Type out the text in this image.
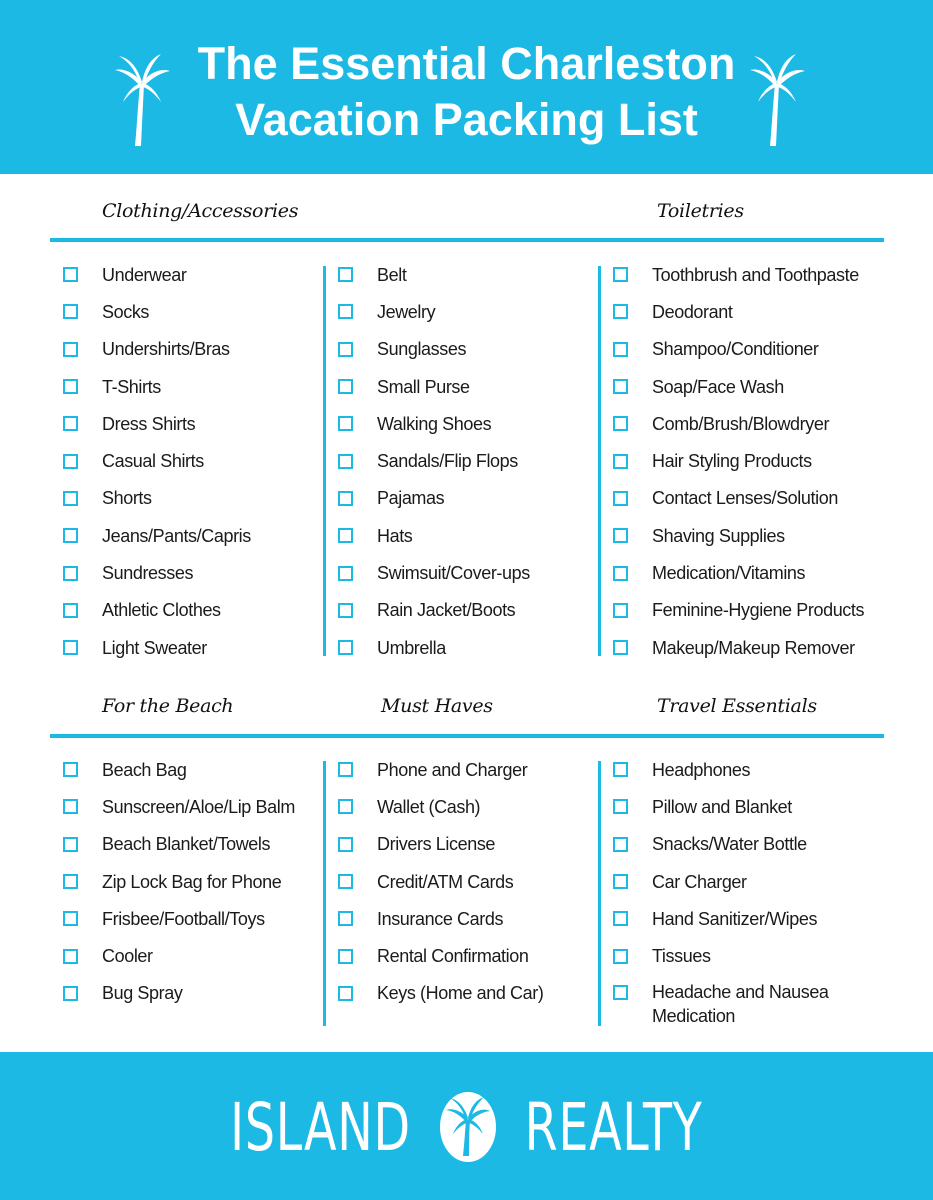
The Essential Charleston
Vacation Packing List
Clothing/Accessories	Toiletries
Underwear
Socks
Undershirts/Bras
T-Shirts
Dress Shirts
Casual Shirts
Shorts
Jeans/Pants/Capris
Sundresses
Athletic Clothes
Light Sweater
Belt
Jewelry
Sunglasses
Small Purse
Walking Shoes
Sandals/Flip Flops
Pajamas
Hats
Swimsuit/Cover-ups
Rain Jacket/Boots
Umbrella
Toothbrush and Toothpaste
Deodorant
Shampoo/Conditioner
Soap/Face Wash
Comb/Brush/Blowdryer
Hair Styling Products
Contact Lenses/Solution
Shaving Supplies
Medication/Vitamins
Feminine-Hygiene Products
Makeup/Makeup Remover
For the Beach	Must Haves	Travel Essentials
Beach Bag
Sunscreen/Aloe/Lip Balm
Beach Blanket/Towels
Zip Lock Bag for Phone
Frisbee/Football/Toys
Cooler
Bug Spray
Phone and Charger
Wallet (Cash)
Drivers License
Credit/ATM Cards
Insurance Cards
Rental Confirmation
Keys (Home and Car)
Headphones
Pillow and Blanket
Snacks/Water Bottle
Car Charger
Hand Sanitizer/Wipes
Tissues
Headache and Nausea Medication
ISLAND REALTY
